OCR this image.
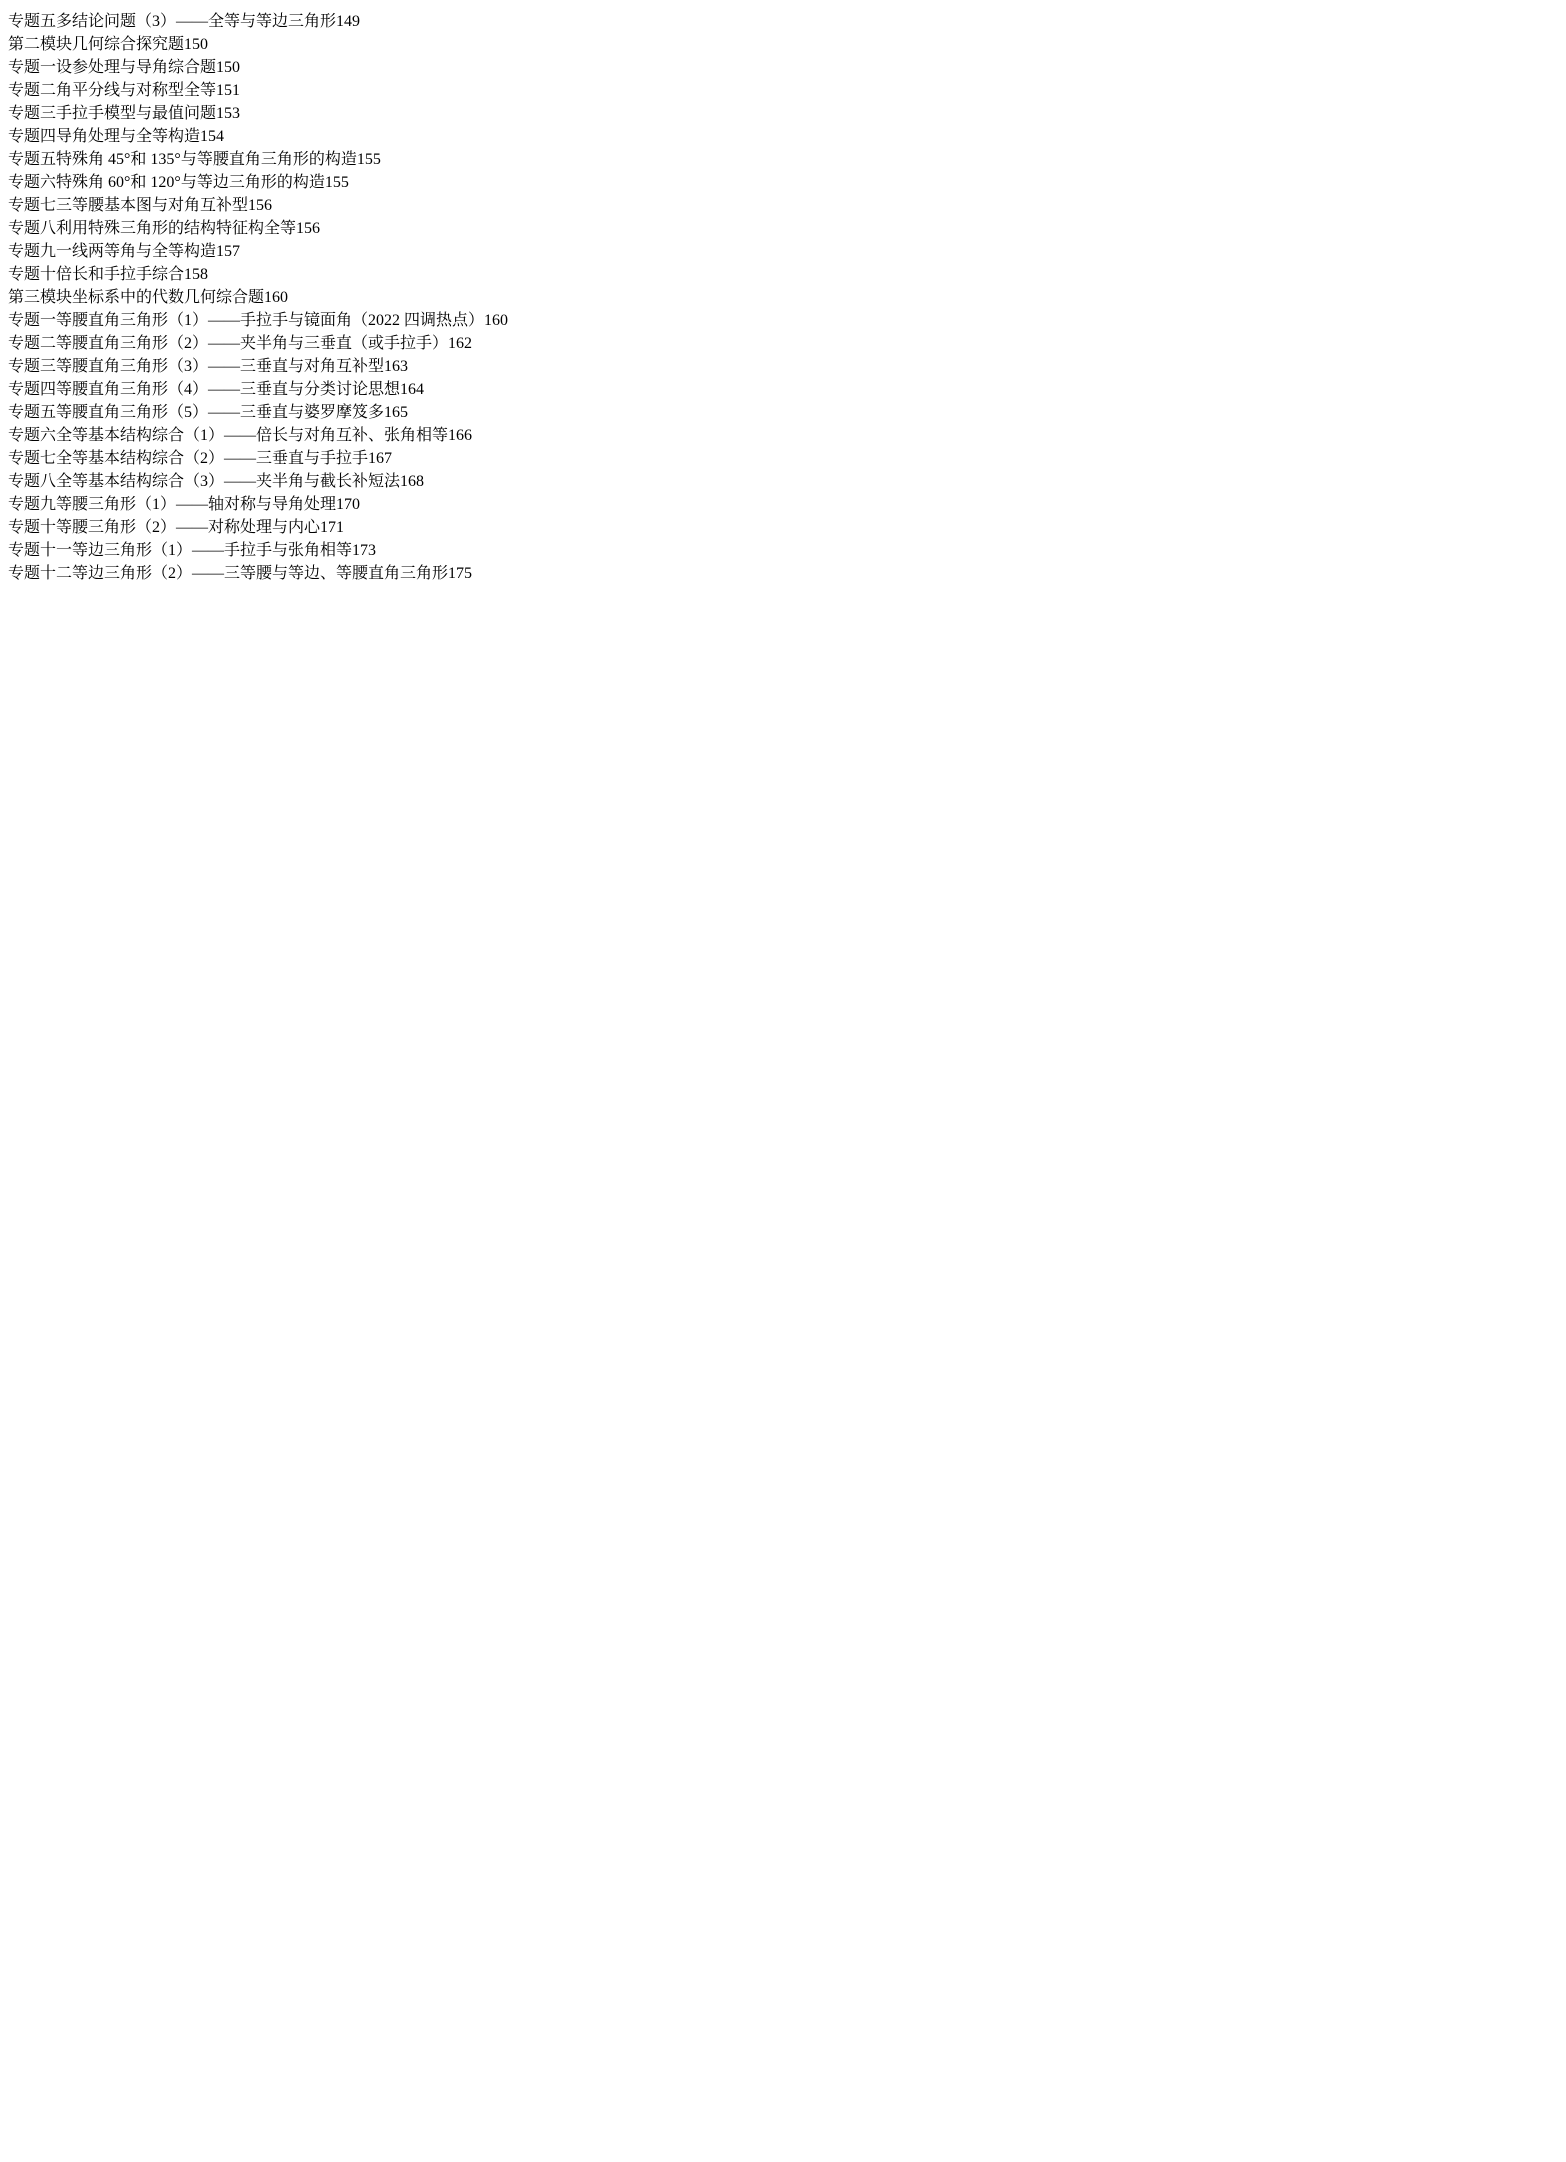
专题五多结论问题（3）——全等与等边三角形149
第二模块几何综合探究题150
专题一设参处理与导角综合题150
专题二角平分线与对称型全等151
专题三手拉手模型与最值问题153
专题四导角处理与全等构造154
专题五特殊角 45°和 135°与等腰直角三角形的构造155
专题六特殊角 60°和 120°与等边三角形的构造155
专题七三等腰基本图与对角互补型156
专题八利用特殊三角形的结构特征构全等156
专题九一线两等角与全等构造157
专题十倍长和手拉手综合158
第三模块坐标系中的代数几何综合题160
专题一等腰直角三角形（1）——手拉手与镜面角（2022 四调热点）160
专题二等腰直角三角形（2）——夹半角与三垂直（或手拉手）162
专题三等腰直角三角形（3）——三垂直与对角互补型163
专题四等腰直角三角形（4）——三垂直与分类讨论思想164
专题五等腰直角三角形（5）——三垂直与婆罗摩笈多165
专题六全等基本结构综合（1）——倍长与对角互补、张角相等166
专题七全等基本结构综合（2）——三垂直与手拉手167
专题八全等基本结构综合（3）——夹半角与截长补短法168
专题九等腰三角形（1）——轴对称与导角处理170
专题十等腰三角形（2）——对称处理与内心171
专题十一等边三角形（1）——手拉手与张角相等173
专题十二等边三角形（2）——三等腰与等边、等腰直角三角形175
